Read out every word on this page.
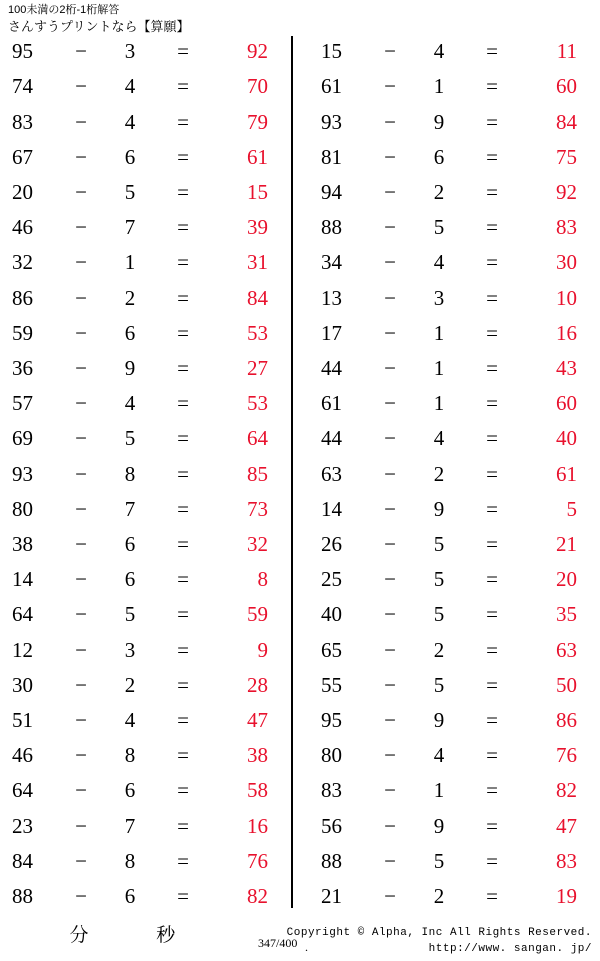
100未満の2桁-1桁解答
さんすうプリントなら【算願】
95	−	3	=	92
74	−	4	=	70
83	−	4	=	79
67	−	6	=	61
20	−	5	=	15
46	−	7	=	39
32	−	1	=	31
86	−	2	=	84
59	−	6	=	53
36	−	9	=	27
57	−	4	=	53
69	−	5	=	64
93	−	8	=	85
80	−	7	=	73
38	−	6	=	32
14	−	6	=	8
64	−	5	=	59
12	−	3	=	9
30	−	2	=	28
51	−	4	=	47
46	−	8	=	38
64	−	6	=	58
23	−	7	=	16
84	−	8	=	76
88	−	6	=	82
15	−	4	=	11
61	−	1	=	60
93	−	9	=	84
81	−	6	=	75
94	−	2	=	92
88	−	5	=	83
34	−	4	=	30
13	−	3	=	10
17	−	1	=	16
44	−	1	=	43
61	−	1	=	60
44	−	4	=	40
63	−	2	=	61
14	−	9	=	5
26	−	5	=	21
25	−	5	=	20
40	−	5	=	35
65	−	2	=	63
55	−	5	=	50
95	−	9	=	86
80	−	4	=	76
83	−	1	=	82
56	−	9	=	47
88	−	5	=	83
21	−	2	=	19
分	秒	347/400 .
Copyright © Alpha, Inc All Rights Reserved.
http://www. sangan. jp/
